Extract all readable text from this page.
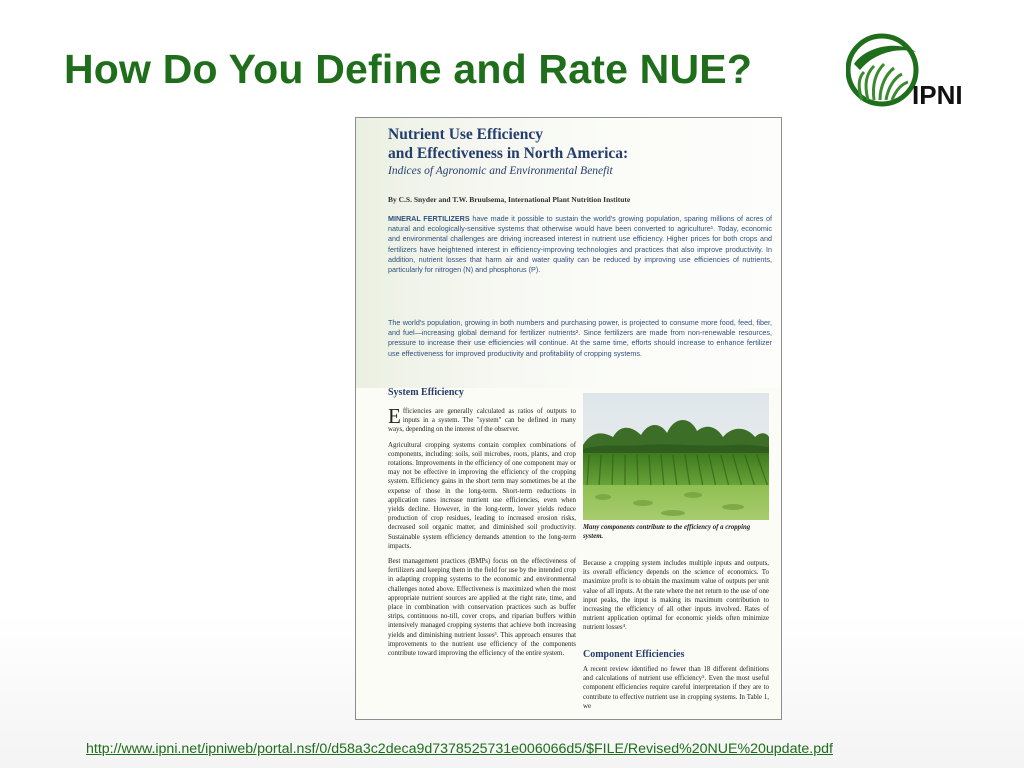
How Do You Define and Rate NUE?
IPNI
Nutrient Use Efficiency
and Effectiveness in North America:
Indices of Agronomic and Environmental Benefit
By C.S. Snyder and T.W. Bruulsema, International Plant Nutrition Institute
MINERAL FERTILIZERS have made it possible to sustain the world's growing population, sparing millions of acres of natural and ecologically-sensitive systems that otherwise would have been converted to agriculture¹. Today, economic and environmental challenges are driving increased interest in nutrient use efficiency. Higher prices for both crops and fertilizers have heightened interest in efficiency-improving technologies and practices that also improve productivity. In addition, nutrient losses that harm air and water quality can be reduced by improving use efficiencies of nutrients, particularly for nitrogen (N) and phosphorus (P).
The world's population, growing in both numbers and purchasing power, is projected to consume more food, feed, fiber, and fuel—increasing global demand for fertilizer nutrients². Since fertilizers are made from non-renewable resources, pressure to increase their use efficiencies will continue. At the same time, efforts should increase to enhance fertilizer use effectiveness for improved productivity and profitability of cropping systems.
System Efficiency

Efficiencies are generally calculated as ratios of outputs to inputs in a system. The "system" can be defined in many ways, depending on the interest of the observer.

Agricultural cropping systems contain complex combinations of components, including: soils, soil microbes, roots, plants, and crop rotations. Improvements in the efficiency of one component may or may not be effective in improving the efficiency of the cropping system. Efficiency gains in the short term may sometimes be at the expense of those in the long-term. Short-term reductions in application rates increase nutrient use efficiencies, even when yields decline. However, in the long-term, lower yields reduce production of crop residues, leading to increased erosion risks, decreased soil organic matter, and diminished soil productivity. Sustainable system efficiency demands attention to the long-term impacts.

Best management practices (BMPs) focus on the effectiveness of fertilizers and keeping them in the field for use by the intended crop in adapting cropping systems to the economic and environmental challenges noted above. Effectiveness is maximized when the most appropriate nutrient sources are applied at the right rate, time, and place in combination with conservation practices such as buffer strips, continuous no-till, cover crops, and riparian buffers within intensively managed cropping systems that achieve both increasing yields and diminishing nutrient losses³. This approach ensures that improvements to the nutrient use efficiency of the components contribute toward improving the efficiency of the entire system.

Many components contribute to the efficiency of a cropping system.

Because a cropping system includes multiple inputs and outputs, its overall efficiency depends on the science of economics. To maximize profit is to obtain the maximum value of outputs per unit value of all inputs. At the rate where the net return to the use of one input peaks, the input is making its maximum contribution to increasing the efficiency of all other inputs involved. Rates of nutrient application optimal for economic yields often minimize nutrient losses⁴.

Component Efficiencies

A recent review identified no fewer than 18 different definitions and calculations of nutrient use efficiency⁵. Even the most useful component efficiencies require careful interpretation if they are to contribute to effective nutrient use in cropping systems. In Table 1, we

http://www.ipni.net/ipniweb/portal.nsf/0/d58a3c2deca9d7378525731e006066d5/$FILE/Revised%20NUE%20update.pdf
